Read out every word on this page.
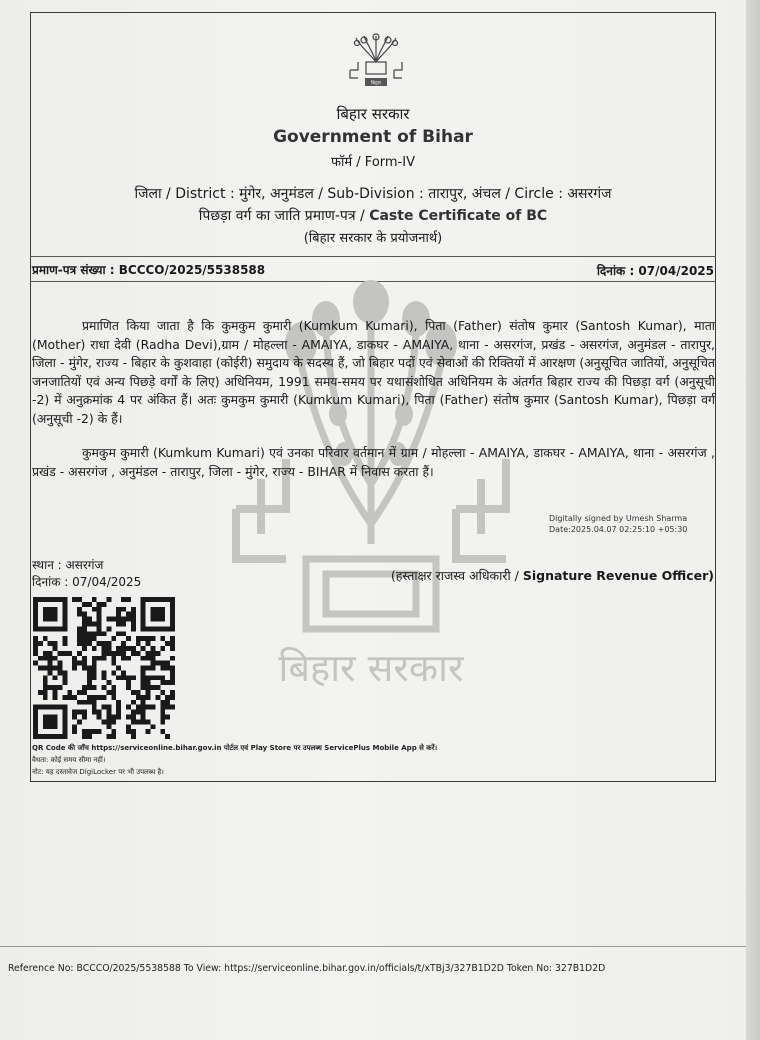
बिहार
बिहार सरकार
Government of Bihar
फॉर्म / Form-IV
जिला / District : मुंगेर, अनुमंडल / Sub-Division : तारापुर, अंचल / Circle : असरगंज
पिछड़ा वर्ग का जाति प्रमाण-पत्र / Caste Certificate of BC
(बिहार सरकार के प्रयोजनार्थ)
प्रमाण-पत्र संख्या : BCCCO/2025/5538588	दिनांक : 07/04/2025
बिहार सरकार

प्रमाणित किया जाता है कि कुमकुम कुमारी (Kumkum Kumari), पिता (Father) संतोष कुमार (Santosh Kumar), माता (Mother) राधा देवी (Radha Devi),ग्राम / मोहल्ला - AMAIYA, डाकघर - AMAIYA, थाना - असरगंज, प्रखंड - असरगंज, अनुमंडल - तारापुर, जिला - मुंगेर, राज्य - बिहार के कुशवाहा (कोईरी) समुदाय के सदस्य हैं, जो बिहार पदों एवं सेवाओं की रिक्तियों में आरक्षण (अनुसूचित जातियों, अनुसूचित जनजातियों एवं अन्य पिछड़े वर्गों के लिए) अधिनियम, 1991 समय-समय पर यथासंशोधित अधिनियम के अंतर्गत बिहार राज्य की पिछड़ा वर्ग (अनुसूची -2) में अनुक्रमांक 4 पर अंकित हैं। अतः कुमकुम कुमारी (Kumkum Kumari), पिता (Father) संतोष कुमार (Santosh Kumar), पिछड़ा वर्ग (अनुसूची -2) के हैं।

कुमकुम कुमारी (Kumkum Kumari) एवं उनका परिवार वर्तमान में ग्राम / मोहल्ला - AMAIYA, डाकघर - AMAIYA, थाना - असरगंज , प्रखंड - असरगंज , अनुमंडल - तारापुर, जिला - मुंगेर, राज्य - BIHAR में निवास करता हैं।

Digitally signed by Umesh Sharma
Date:2025.04.07 02:25:10 +05:30
स्थान : असरगंज
दिनांक : 07/04/2025	(हस्ताक्षर राजस्व अधिकारी / Signature Revenue Officer)
QR Code की जाँच https://serviceonline.bihar.gov.in पोर्टल एवं Play Store पर उपलब्ध ServicePlus Mobile App से करें।
वैधता: कोई समय सीमा नहीं।
नोट: यह दस्तावेज DigiLocker पर भी उपलब्ध है।
Reference No: BCCCO/2025/5538588 To View: https://serviceonline.bihar.gov.in/officials/t/xTBj3/327B1D2D Token No: 327B1D2D
